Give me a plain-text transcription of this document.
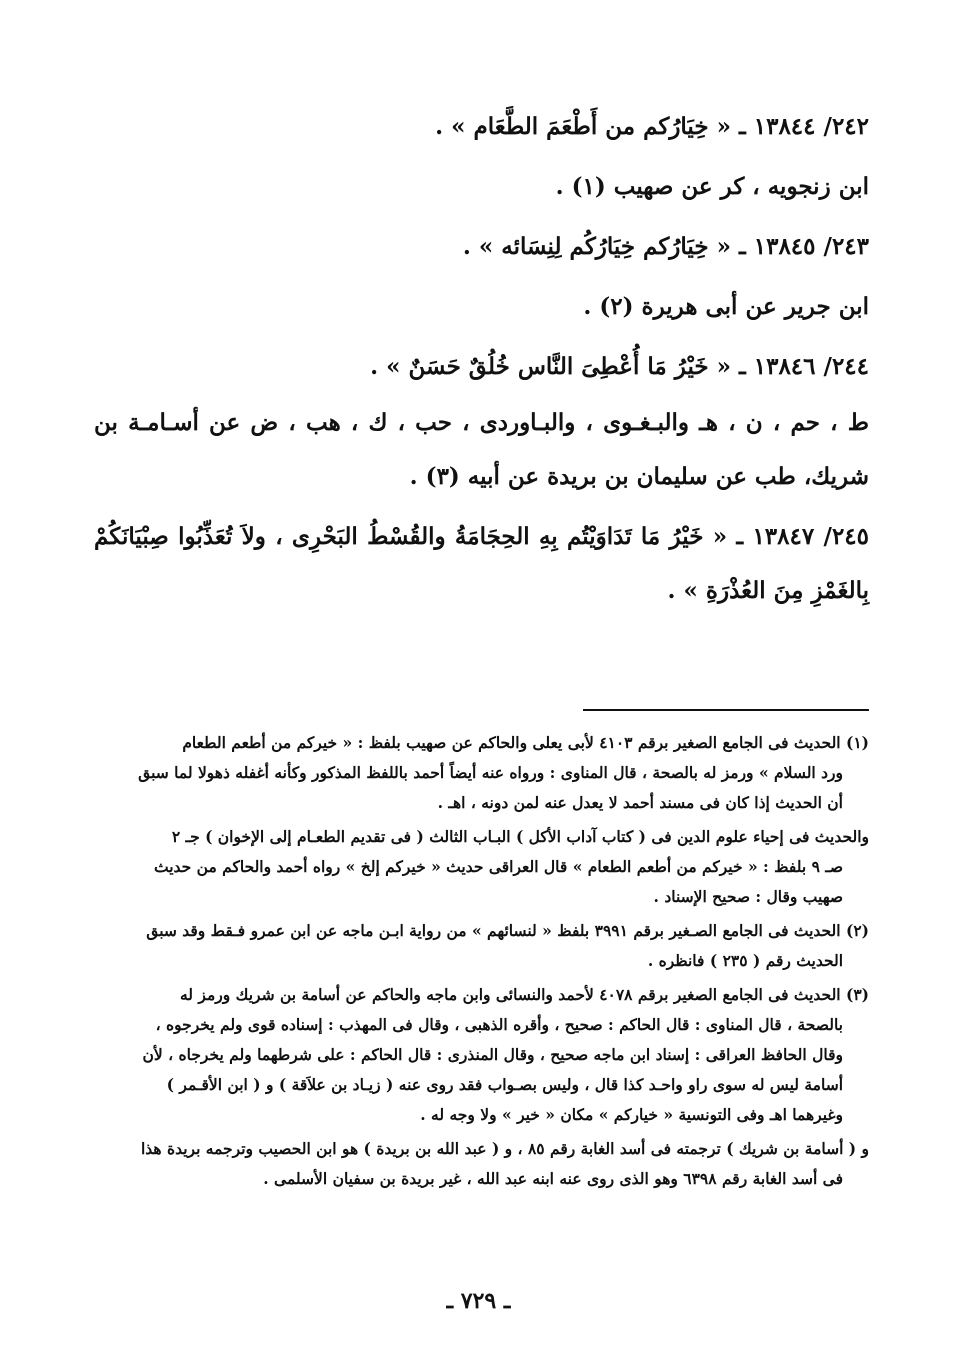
٢٤٢/ ١٣٨٤٤ ـ « خِيَارُكم من أَطْعَمَ الطَّعَام » .

ابن زنجويه ، كر عن صهيب (١) .

٢٤٣/ ١٣٨٤٥ ـ « خِيَارُكم خِيَارُكُم لِنِسَائه » .

ابن جرير عن أبى هريرة (٢) .

٢٤٤/ ١٣٨٤٦ ـ « خَيْرُ مَا أُعْطِىَ النَّاس خُلُقٌ حَسَنٌ » .

ط ، حم ، ن ، هـ والبـغـوى ، والبـاوردى ، حب ، ك ، هب ، ض عن أسـامـة بن شريك، طب عن سليمان بن بريدة عن أبيه (٣) .

٢٤٥/ ١٣٨٤٧ ـ « خَيْرُ مَا تَدَاوَيْتُم بِهِ الحِجَامَةُ والقُسْطُ البَحْرِى ، ولاَ تُعَذِّبُوا صِبْيَانَكُمْ بِالغَمْزِ مِنَ العُذْرَةِ » .

(١) الحديث فى الجامع الصغير برقم ٤١٠٣ لأبى يعلى والحاكم عن صهيب بلفظ : « خيركم من أطعم الطعام
ورد السلام » ورمز له بالصحة ، قال المناوى : ورواه عنه أيضاً أحمد باللفظ المذكور وكأنه أغفله ذهولا لما سبق
أن الحديث إذا كان فى مسند أحمد لا يعدل عنه لمن دونه ، اهـ .
والحديث فى إحياء علوم الدين فى ( كتاب آداب الأكل ) البـاب الثالث ( فى تقديم الطعـام إلى الإخوان ) جـ ٢
صـ ٩ بلفظ : « خيركم من أطعم الطعام » قال العراقى حديث « خيركم إلخ » رواه أحمد والحاكم من حديث
صهيب وقال : صحيح الإسناد .
(٢) الحديث فى الجامع الصـغير برقم ٣٩٩١ بلفظ « لنسائهم » من رواية ابـن ماجه عن ابن عمرو فـقط وقد سبق
الحديث رقم ( ٢٣٥ ) فانظره .
(٣) الحديث فى الجامع الصغير برقم ٤٠٧٨ لأحمد والنسائى وابن ماجه والحاكم عن أسامة بن شريك ورمز له
بالصحة ، قال المناوى : قال الحاكم : صحيح ، وأقره الذهبى ، وقال فى المهذب : إسناده قوى ولم يخرجوه ،
وقال الحافظ العراقى : إسناد ابن ماجه صحيح ، وقال المنذرى : قال الحاكم : على شرطهما ولم يخرجاه ، لأن
أسامة ليس له سوى راو واحـد كذا قال ، وليس بصـواب فقد روى عنه ( زيـاد بن علاَقة ) و ( ابن الأقـمر )
وغيرهما اهـ وفى التونسية « خياركم » مكان « خير » ولا وجه له .
و ( أسامة بن شريك ) ترجمته فى أسد الغابة رقم ٨٥ ، و ( عبد الله بن بريدة ) هو ابن الحصيب وترجمه بريدة هذا
فى أسد الغابة رقم ٦٣٩٨ وهو الذى روى عنه ابنه عبد الله ، غير بريدة بن سفيان الأسلمى .
ـ ٧٢٩ ـ
